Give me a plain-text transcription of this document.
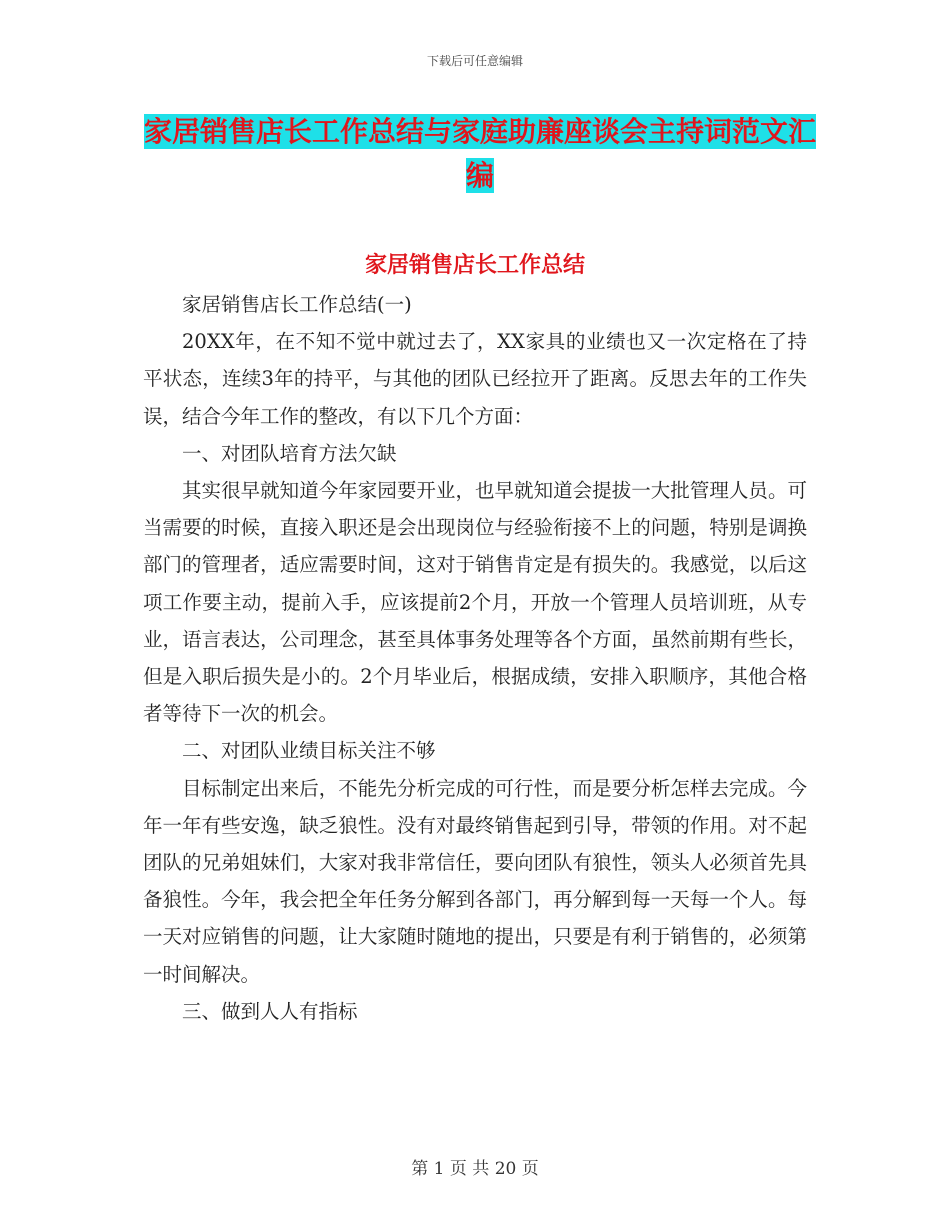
下载后可任意编辑
家居销售店长工作总结与家庭助廉座谈会主持词范文汇编
家居销售店长工作总结

家居销售店长工作总结(一)

20XX年，在不知不觉中就过去了，XX家具的业绩也又一次定格在了持平状态，连续3年的持平，与其他的团队已经拉开了距离。反思去年的工作失误，结合今年工作的整改，有以下几个方面：

一、对团队培育方法欠缺

其实很早就知道今年家园要开业，也早就知道会提拔一大批管理人员。可当需要的时候，直接入职还是会出现岗位与经验衔接不上的问题，特别是调换部门的管理者，适应需要时间，这对于销售肯定是有损失的。我感觉，以后这项工作要主动，提前入手，应该提前2个月，开放一个管理人员培训班，从专业，语言表达，公司理念，甚至具体事务处理等各个方面，虽然前期有些长，但是入职后损失是小的。2个月毕业后，根据成绩，安排入职顺序，其他合格者等待下一次的机会。

二、对团队业绩目标关注不够

目标制定出来后，不能先分析完成的可行性，而是要分析怎样去完成。今年一年有些安逸，缺乏狼性。没有对最终销售起到引导，带领的作用。对不起团队的兄弟姐妹们，大家对我非常信任，要向团队有狼性，领头人必须首先具备狼性。今年，我会把全年任务分解到各部门，再分解到每一天每一个人。每一天对应销售的问题，让大家随时随地的提出，只要是有利于销售的，必须第一时间解决。

三、做到人人有指标

第 1 页 共 20 页
